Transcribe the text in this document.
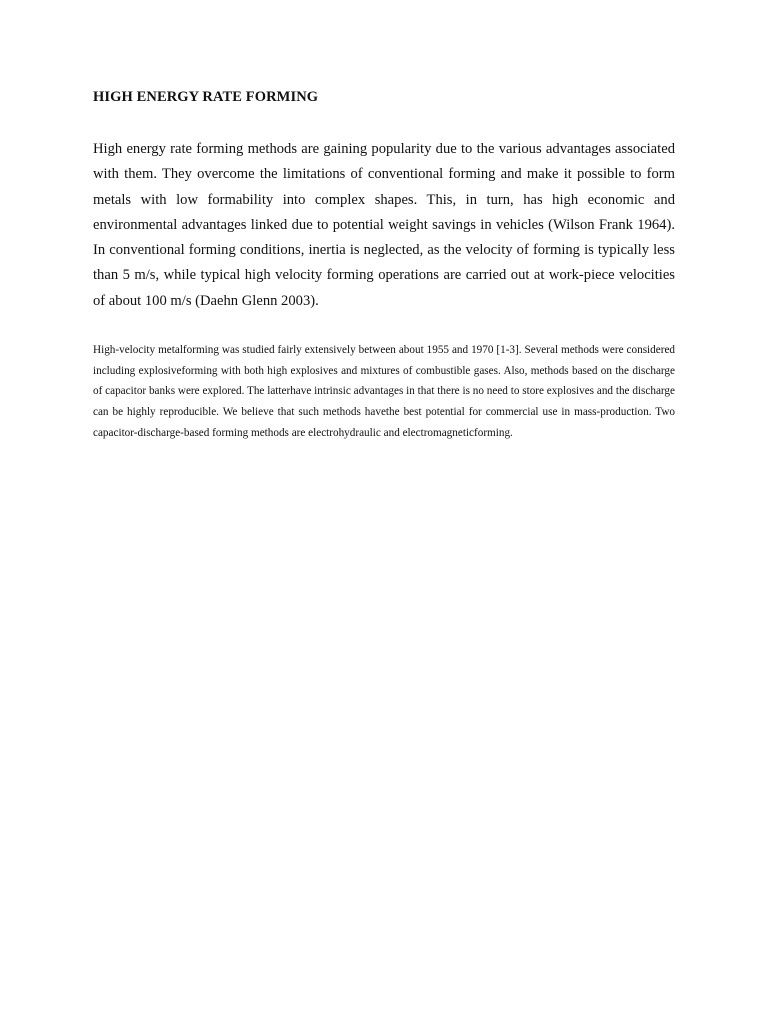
HIGH ENERGY RATE FORMING

High energy rate forming methods are gaining popularity due to the various advantages associated with them. They overcome the limitations of conventional forming and make it possible to form metals with low formability into complex shapes. This, in turn, has high economic and environmental advantages linked due to potential weight savings in vehicles (Wilson Frank 1964). In conventional forming conditions, inertia is neglected, as the velocity of forming is typically less than 5 m/s, while typical high velocity forming operations are carried out at work-piece velocities of about 100 m/s (Daehn Glenn 2003).

High-velocity metalforming was studied fairly extensively between about 1955 and 1970 [1-3]. Several methods were considered including explosiveforming with both high explosives and mixtures of combustible gases. Also, methods based on the discharge of capacitor banks were explored. The latterhave intrinsic advantages in that there is no need to store explosives and the discharge can be highly reproducible. We believe that such methods havethe best potential for commercial use in mass-production. Two capacitor-discharge-based forming methods are electrohydraulic and electromagneticforming.
